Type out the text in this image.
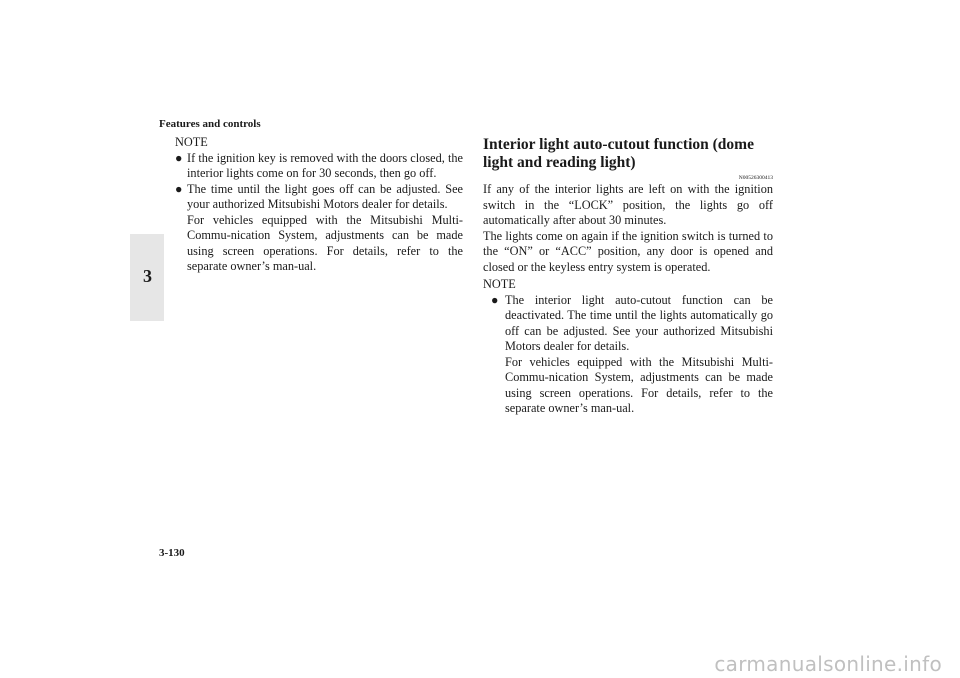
Features and controls
3
NOTE
● If the ignition key is removed with the doors closed, the interior lights come on for 30 seconds, then go off.
● The time until the light goes off can be adjusted. See your authorized Mitsubishi Motors dealer for details.
For vehicles equipped with the Mitsubishi Multi-Commu-nication System, adjustments can be made using screen operations. For details, refer to the separate owner’s man-ual.
Interior light auto-cutout function (dome light and reading light)
N00526300413

If any of the interior lights are left on with the ignition switch in the “LOCK” position, the lights go off automatically after about 30 minutes.

The lights come on again if the ignition switch is turned to the “ON” or “ACC” position, any door is opened and closed or the keyless entry system is operated.

NOTE
● The interior light auto-cutout function can be deactivated. The time until the lights automatically go off can be adjusted. See your authorized Mitsubishi Motors dealer for details.
For vehicles equipped with the Mitsubishi Multi-Commu-nication System, adjustments can be made using screen operations. For details, refer to the separate owner’s man-ual.
3-130
carmanualsonline.info
